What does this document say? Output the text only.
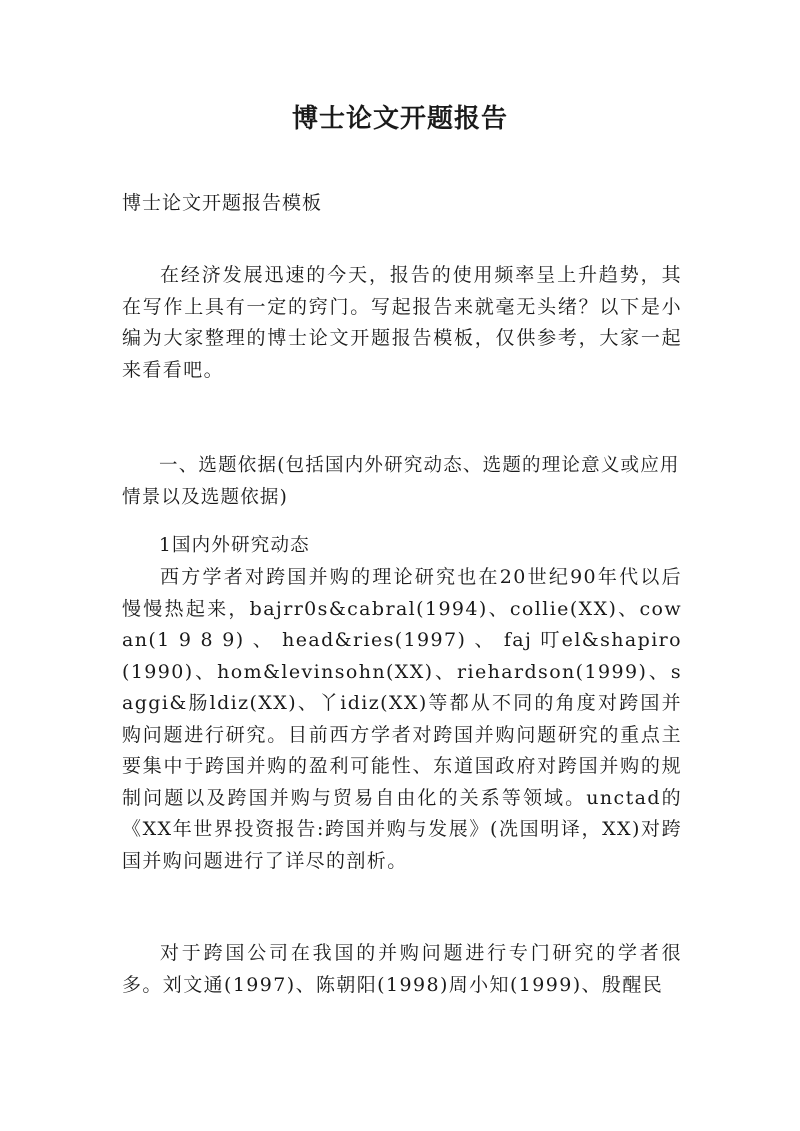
博士论文开题报告

博士论文开题报告模板

在经济发展迅速的今天，报告的使用频率呈上升趋势，其在写作上具有一定的窍门。写起报告来就毫无头绪？以下是小编为大家整理的博士论文开题报告模板，仅供参考，大家一起来看看吧。

一、选题依据(包括国内外研究动态、选题的理论意义或应用情景以及选题依据)

1国内外研究动态

西方学者对跨国并购的理论研究也在20世纪90年代以后慢慢热起来，bajrr0s&cabral(1994)、collie(XX)、cowan(1 9 8 9) 、 head&ries(1997) 、 faj 叮el&shapiro(1990)、hom&levinsohn(XX)、riehardson(1999)、saggi&肠ldiz(XX)、丫idiz(XX)等都从不同的角度对跨国并购问题进行研究。目前西方学者对跨国并购问题研究的重点主要集中于跨国并购的盈利可能性、东道国政府对跨国并购的规制问题以及跨国并购与贸易自由化的关系等领域。unctad的《XX年世界投资报告:跨国并购与发展》(冼国明译，XX)对跨国并购问题进行了详尽的剖析。

对于跨国公司在我国的并购问题进行专门研究的学者很多。刘文通(1997)、陈朝阳(1998)周小知(1999)、殷醒民
